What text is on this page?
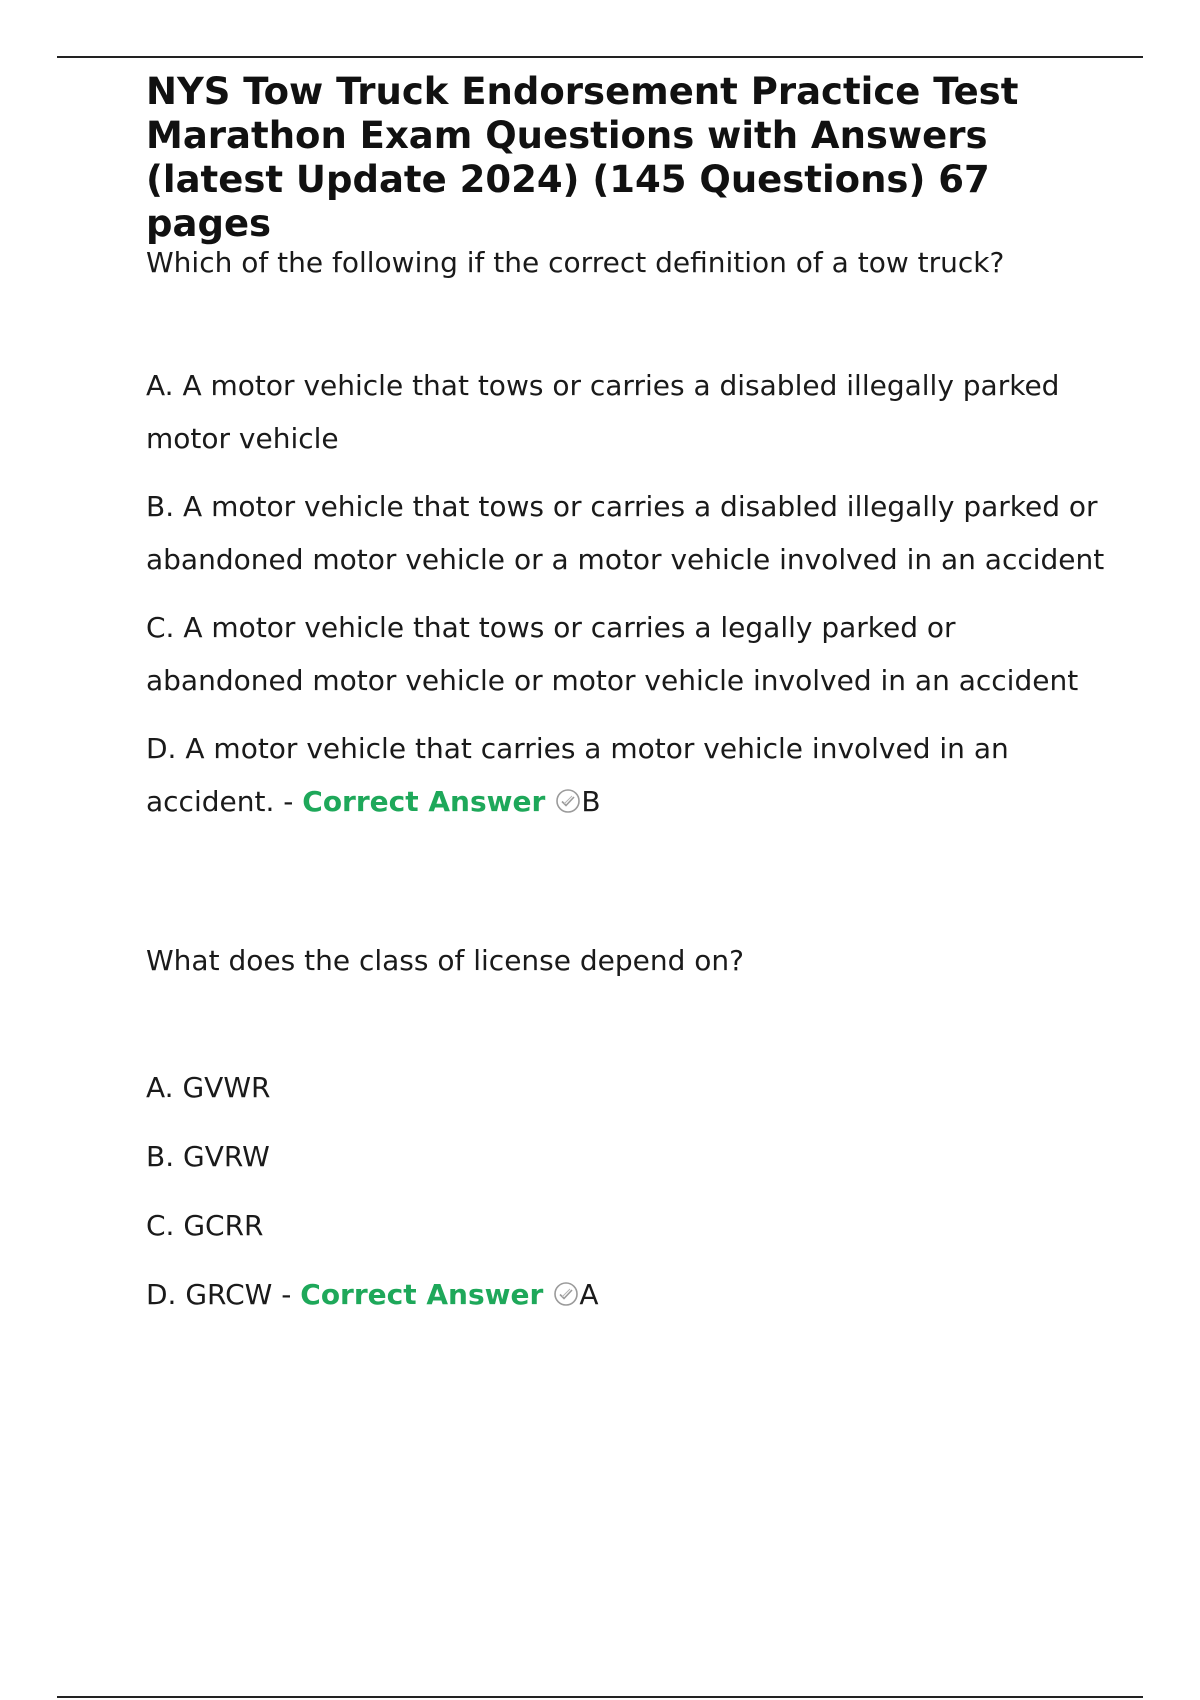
NYS Tow Truck Endorsement Practice Test Marathon Exam Questions with Answers (latest Update 2024) (145 Questions) 67 pages

Which of the following if the correct definition of a tow truck?

A. A motor vehicle that tows or carries a disabled illegally parked motor vehicle

B. A motor vehicle that tows or carries a disabled illegally parked or abandoned motor vehicle or a motor vehicle involved in an accident

C. A motor vehicle that tows or carries a legally parked or abandoned motor vehicle or motor vehicle involved in an accident

D. A motor vehicle that carries a motor vehicle involved in an accident. - Correct Answer B

What does the class of license depend on?

A. GVWR

B. GVRW

C. GCRR

D. GRCW - Correct Answer A
